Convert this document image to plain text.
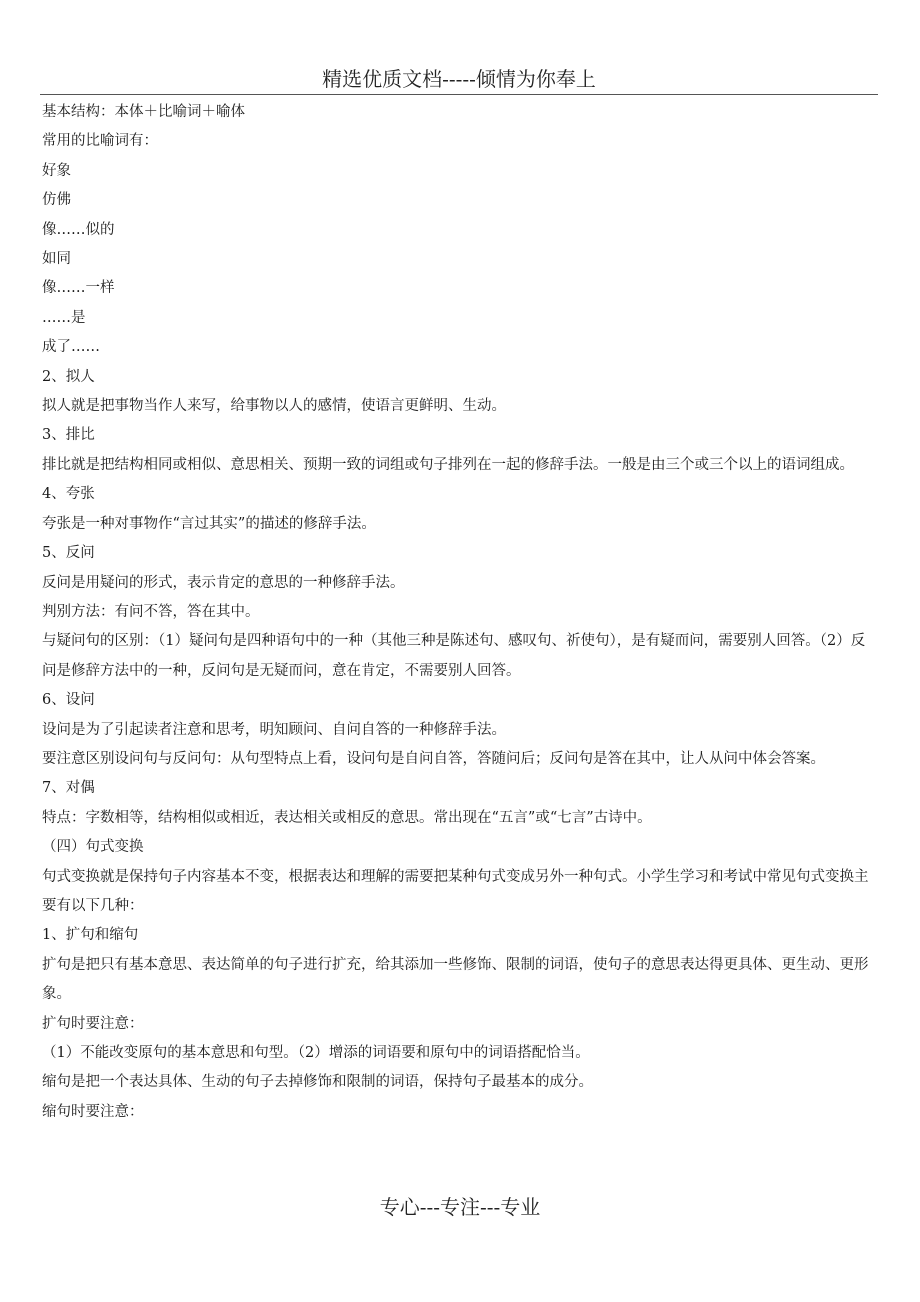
精选优质文档-----倾情为你奉上

基本结构：本体＋比喻词＋喻体

常用的比喻词有：

好象

仿佛

像……似的

如同

像……一样

……是

成了……

2、拟人

拟人就是把事物当作人来写，给事物以人的感情，使语言更鲜明、生动。

3、排比

排比就是把结构相同或相似、意思相关、预期一致的词组或句子排列在一起的修辞手法。一般是由三个或三个以上的语词组成。

4、夸张

夸张是一种对事物作“言过其实”的描述的修辞手法。

5、反问

反问是用疑问的形式，表示肯定的意思的一种修辞手法。

判别方法：有问不答，答在其中。

与疑问句的区别：（1）疑问句是四种语句中的一种（其他三种是陈述句、感叹句、祈使句），是有疑而问，需要别人回答。（2）反问是修辞方法中的一种，反问句是无疑而问，意在肯定，不需要别人回答。

6、设问

设问是为了引起读者注意和思考，明知顾问、自问自答的一种修辞手法。

要注意区别设问句与反问句：从句型特点上看，设问句是自问自答，答随问后；反问句是答在其中，让人从问中体会答案。

7、对偶

特点：字数相等，结构相似或相近，表达相关或相反的意思。常出现在“五言”或“七言”古诗中。

（四）句式变换

句式变换就是保持句子内容基本不变，根据表达和理解的需要把某种句式变成另外一种句式。小学生学习和考试中常见句式变换主要有以下几种：

1、扩句和缩句

扩句是把只有基本意思、表达简单的句子进行扩充，给其添加一些修饰、限制的词语，使句子的意思表达得更具体、更生动、更形象。

扩句时要注意：

（1）不能改变原句的基本意思和句型。（2）增添的词语要和原句中的词语搭配恰当。

缩句是把一个表达具体、生动的句子去掉修饰和限制的词语，保持句子最基本的成分。

缩句时要注意：

专心---专注---专业
